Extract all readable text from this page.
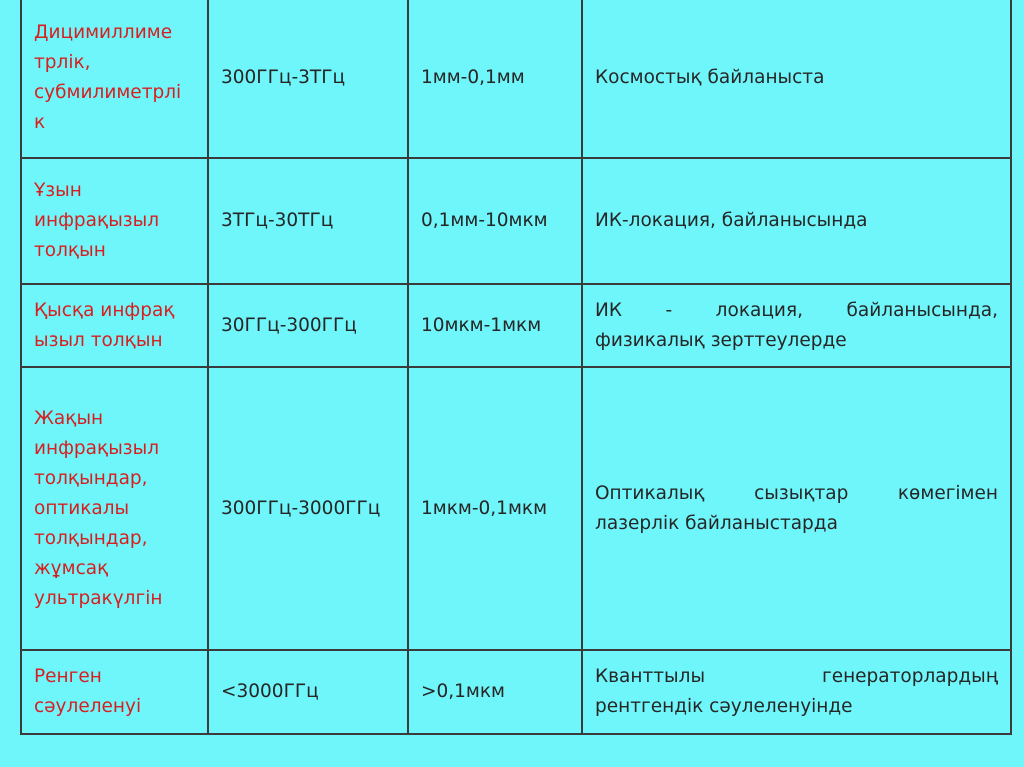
Дицимиллиме трлік, субмилиметрлі к	300ГГц-3ТГц	1мм-0,1мм	Космостық байланыста
Ұзын инфрақызыл толқын	3ТГц-30ТГц	0,1мм-10мкм	ИК-локация, байланысында
Қысқа инфрақ ызыл толқын	30ГГц-300ГГц	10мкм-1мкм	ИК - локация, байланысында, физикалық зерттеулерде
Жақын инфрақызыл толқындар, оптикалы толқындар, жұмсақ ультракүлгін	300ГГц-3000ГГц	1мкм-0,1мкм	Оптикалық сызықтар көмегімен лазерлік байланыстарда
Ренген сәулеленуі	<3000ГГц	>0,1мкм	Кванттылы генераторлардың рентгендік сәулеленуінде
